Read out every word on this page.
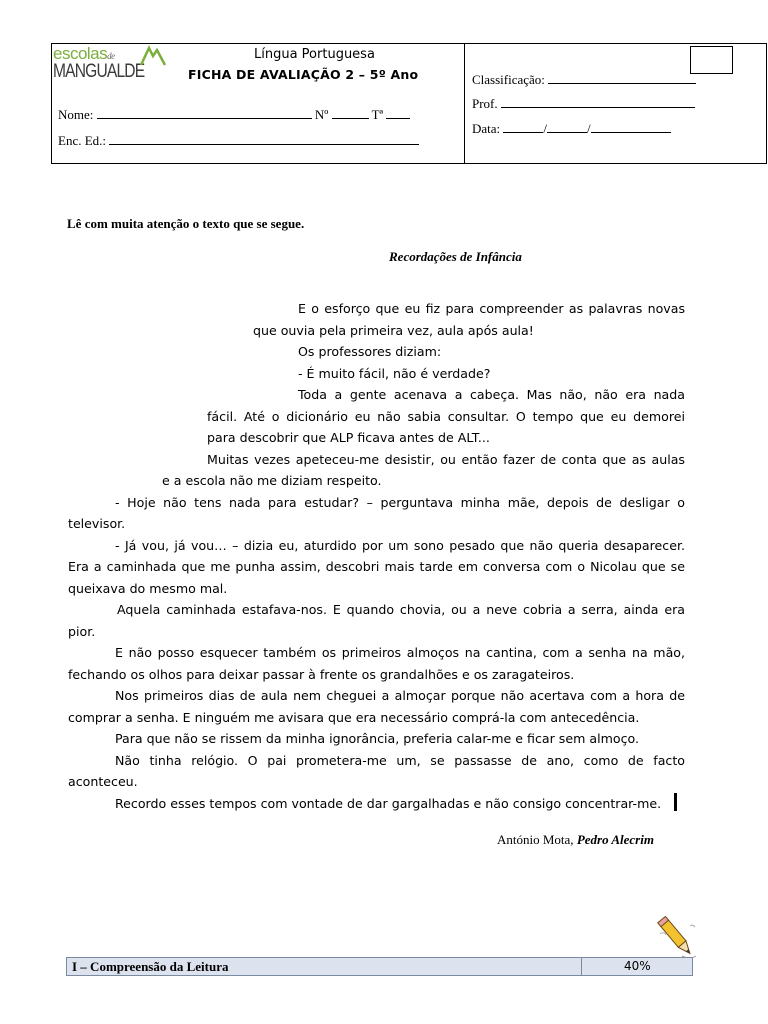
escolasde
MANGUALDE
Língua Portuguesa
FICHA DE AVALIAÇÃO 2 – 5º Ano
Nome:	Nº	Tª
Enc. Ed.:
Classificação:
Prof.
Data:	/	/
Lê com muita atenção o texto que se segue.
Recordações de Infância
E o esforço que eu fiz para compreender as palavras novas
que ouvia pela primeira vez, aula após aula!
Os professores diziam:
- É muito fácil, não é verdade?
Toda a gente acenava a cabeça. Mas não, não era nada
fácil. Até o dicionário eu não sabia consultar. O tempo que eu demorei
para descobrir que ALP ficava antes de ALT...
Muitas vezes apeteceu-me desistir, ou então fazer de conta que as aulas
e a escola não me diziam respeito.
- Hoje não tens nada para estudar? – perguntava minha mãe, depois de desligar o
televisor.
- Já vou, já vou… – dizia eu, aturdido por um sono pesado que não queria desaparecer.
Era a caminhada que me punha assim, descobri mais tarde em conversa com o Nicolau que se
queixava do mesmo mal.
Aquela caminhada estafava-nos. E quando chovia, ou a neve cobria a serra, ainda era
pior.
E não posso esquecer também os primeiros almoços na cantina, com a senha na mão,
fechando os olhos para deixar passar à frente os grandalhões e os zaragateiros.
Nos primeiros dias de aula nem cheguei a almoçar porque não acertava com a hora de
comprar a senha. E ninguém me avisara que era necessário comprá-la com antecedência.
Para que não se rissem da minha ignorância, preferia calar-me e ficar sem almoço.
Não tinha relógio. O pai prometera-me um, se passasse de ano, como de facto
aconteceu.
Recordo esses tempos com vontade de dar gargalhadas e não consigo concentrar-me.
António Mota, Pedro Alecrim
I – Compreensão da Leitura	40%
